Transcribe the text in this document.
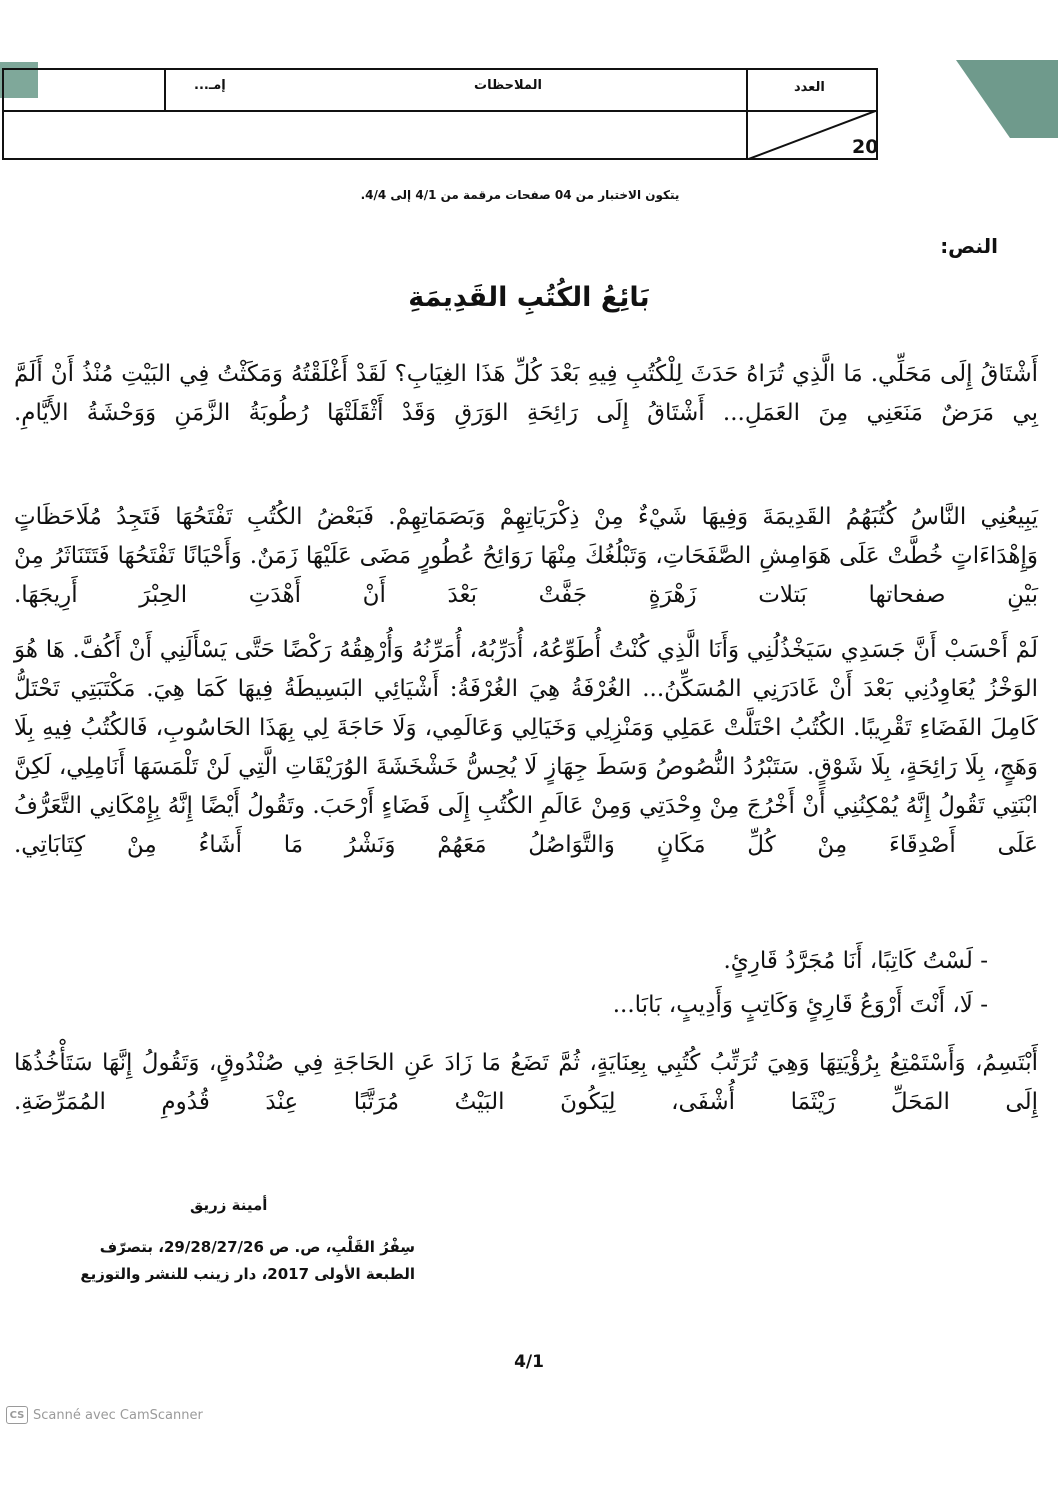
إمـ...	الملاحظات	العدد
20
يتكون الاختبار من 04 صفحات مرقمة من 4/1 إلى 4/4.
النص:
بَائِعُ الكُتُبِ القَدِيمَةِ

أَشْتَاقُ إِلَى مَحَلِّي. مَا الَّذِي تُرَاهُ حَدَثَ لِلْكُتُبِ فِيهِ بَعْدَ كُلِّ هَذَا الغِيَابِ؟ لَقَدْ أَغْلَقْتُهُ وَمَكَثْتُ فِي البَيْتِ مُنْذُ أَنْ أَلَمَّ بِي مَرَضٌ مَنَعَنِي مِنَ العَمَلِ... أَشْتَاقُ إِلَى رَائِحَةِ الوَرَقِ وَقَدْ أَثْقَلَتْهَا رُطُوبَةُ الزَّمَنِ وَوَحْشَةُ الأَيَّامِ.

يَبِيعُنِي النَّاسُ كُتُبَهُمُ القَدِيمَةَ وَفِيهَا شَيْءٌ مِنْ ذِكْرَيَاتِهِمْ وَبَصَمَاتِهِمْ. فَبَعْضُ الكُتُبِ تَفْتَحُهَا فَتَجِدُ مُلَاحَظَاتٍ وَإِهْدَاءَاتٍ خُطَّتْ عَلَى هَوَامِشِ الصَّفَحَاتِ، وَتَبْلُغُكَ مِنْهَا رَوَائِحُ عُطُورٍ مَضَى عَلَيْهَا زَمَنٌ. وَأَحْيَانًا تَفْتَحُهَا فَتَتَنَاثَرُ مِنْ بَيْنِ صفحاتها بَتلات زَهْرَةٍ جَفَّتْ بَعْدَ أَنْ أَهْدَتِ الحِبْرَ أَرِيجَهَا.

لَمْ أَحْسَبْ أَنَّ جَسَدِي سَيَخْذُلُنِي وَأَنَا الَّذِي كُنْتُ أُطَوِّعُهُ، أُدَرِّبُهُ، أُمَرِّنُهُ وَأُرْهِقُهُ رَكْضًا حَتَّى يَسْأَلَنِي أَنْ أَكُفَّ. هَا هُوَ الوَخْزُ يُعَاوِدُنِي بَعْدَ أَنْ غَادَرَنِي المُسَكِّنُ... الغُرْفَةُ هِيَ الغُرْفَةُ: أَشْيَائِي البَسِيطَةُ فِيهَا كَمَا هِيَ. مَكْتَبَتِي تَحْتَلُّ كَامِلَ الفَضَاءِ تَقْرِيبًا. الكُتُبُ احْتَلَّتْ عَمَلِي وَمَنْزِلِي وَخَيَالِي وَعَالَمِي، وَلَا حَاجَةَ لِي بِهَذَا الحَاسُوبِ، فَالكُتُبُ فِيهِ بِلَا وَهَجٍ، بِلَا رَائِحَةٍ، بِلَا شَوْقٍ. سَتَبْرُدُ النُّصُوصُ وَسَطَ جِهَازٍ لَا يُحِسُّ خَشْخَشَةَ الوُرَيْقَاتِ الَّتِي لَنْ تَلْمَسَهَا أَنَامِلِي، لَكِنَّ ابْنَتِي تَقُولُ إِنَّهُ يُمْكِنُنِي أَنْ أَخْرُجَ مِنْ وِحْدَتِي وَمِنْ عَالَمِ الكُتُبِ إِلَى فَضَاءٍ أَرْحَبَ. وتَقُولُ أَيْضًا إِنَّهُ بِإِمْكَانِي التَّعَرُّفُ عَلَى أَصْدِقَاءَ مِنْ كُلِّ مَكَانٍ وَالتَّوَاصُلُ مَعَهُمْ وَنَشْرُ مَا أَشَاءُ مِنْ كِتَابَاتِي.

- لَسْتُ كَاتِبًا، أَنَا مُجَرَّدُ قَارِئٍ.
- لَا، أَنْتَ أَرْوَعُ قَارِئٍ وَكَاتِبٍ وَأَدِيبٍ، بَابَا...

أَبْتَسِمُ، وَأَسْتَمْتِعُ بِرُؤْيَتِهَا وَهِيَ تُرَتِّبُ كُتُبِي بِعِنَايَةٍ، ثُمَّ تَضَعُ مَا زَادَ عَنِ الحَاجَةِ فِي صُنْدُوقٍ، وَتَقُولُ إِنَّهَا سَتَأْخُذُهَا إِلَى المَحَلِّ رَيْثَمَا أُشْفَى، لِيَكُونَ البَيْتُ مُرَتَّبًا عِنْدَ قُدُومِ المُمَرِّضَةِ.

أمينة زريق
سِفْرُ القَلْبِ، ص. ص 29/28/27/26، بتصرّف
الطبعة الأولى 2017، دار زينب للنشر والتوزيع
4/1
CS Scanné avec CamScanner
